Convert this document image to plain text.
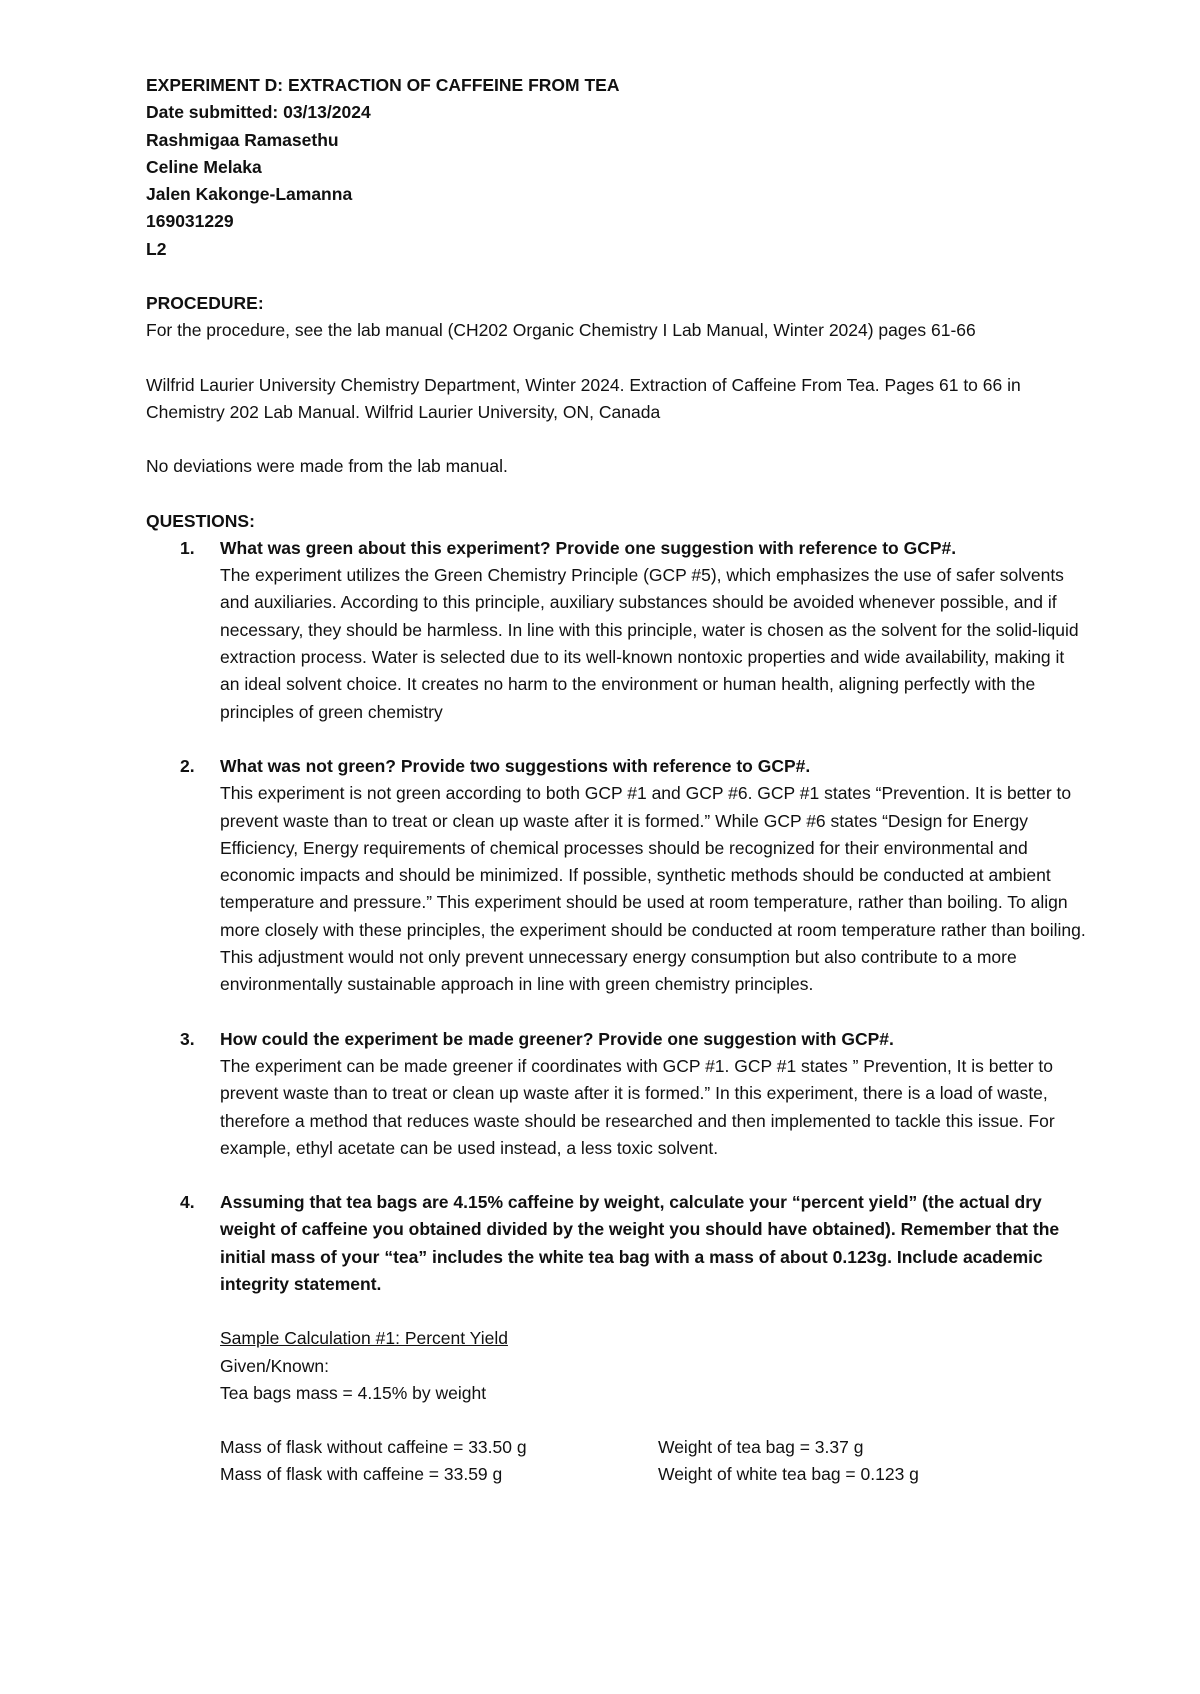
EXPERIMENT D: EXTRACTION OF CAFFEINE FROM TEA
Date submitted: 03/13/2024
Rashmigaa Ramasethu
Celine Melaka
Jalen Kakonge-Lamanna
169031229
L2
PROCEDURE:
For the procedure, see the lab manual (CH202 Organic Chemistry I Lab Manual, Winter 2024) pages 61-66
Wilfrid Laurier University Chemistry Department, Winter 2024. Extraction of Caffeine From Tea. Pages 61 to 66 in Chemistry 202 Lab Manual. Wilfrid Laurier University, ON, Canada
No deviations were made from the lab manual.
QUESTIONS:
1. What was green about this experiment? Provide one suggestion with reference to GCP#.
The experiment utilizes the Green Chemistry Principle (GCP #5), which emphasizes the use of safer solvents and auxiliaries. According to this principle, auxiliary substances should be avoided whenever possible, and if necessary, they should be harmless. In line with this principle, water is chosen as the solvent for the solid-liquid extraction process. Water is selected due to its well-known nontoxic properties and wide availability, making it an ideal solvent choice. It creates no harm to the environment or human health, aligning perfectly with the principles of green chemistry
2. What was not green? Provide two suggestions with reference to GCP#.
This experiment is not green according to both GCP #1 and GCP #6. GCP #1 states “Prevention. It is better to prevent waste than to treat or clean up waste after it is formed.” While GCP #6 states “Design for Energy Efficiency, Energy requirements of chemical processes should be recognized for their environmental and economic impacts and should be minimized. If possible, synthetic methods should be conducted at ambient temperature and pressure.” This experiment should be used at room temperature, rather than boiling. To align more closely with these principles, the experiment should be conducted at room temperature rather than boiling. This adjustment would not only prevent unnecessary energy consumption but also contribute to a more environmentally sustainable approach in line with green chemistry principles.
3. How could the experiment be made greener? Provide one suggestion with GCP#.
The experiment can be made greener if coordinates with GCP #1. GCP #1 states ” Prevention, It is better to prevent waste than to treat or clean up waste after it is formed.” In this experiment, there is a load of waste, therefore a method that reduces waste should be researched and then implemented to tackle this issue. For example, ethyl acetate can be used instead, a less toxic solvent.
4. Assuming that tea bags are 4.15% caffeine by weight, calculate your “percent yield” (the actual dry weight of caffeine you obtained divided by the weight you should have obtained). Remember that the initial mass of your “tea” includes the white tea bag with a mass of about 0.123g. Include academic integrity statement.
Sample Calculation #1: Percent Yield
Given/Known:
Tea bags mass = 4.15% by weight
Mass of flask without caffeine = 33.50 g	Weight of tea bag = 3.37 g
Mass of flask with caffeine = 33.59 g	Weight of white tea bag = 0.123 g
